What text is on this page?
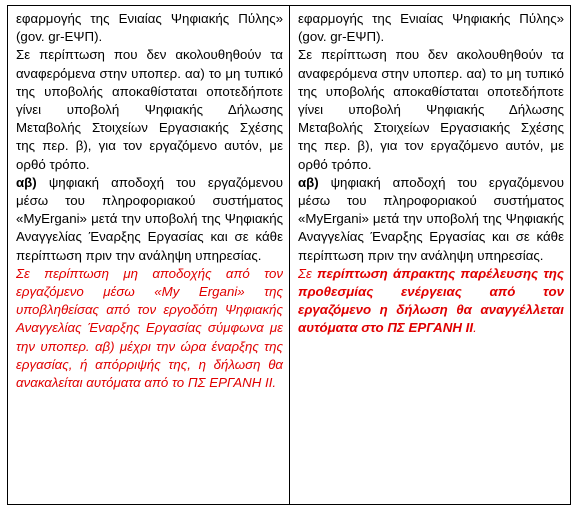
εφαρμογής της Ενιαίας Ψηφιακής Πύλης» (gov. gr-ΕΨΠ).

Σε περίπτωση που δεν ακολουθηθούν τα αναφερόμενα στην υποπερ. αα) το μη τυπικό της υποβολής αποκαθίσταται οποτεδήποτε γίνει υποβολή Ψηφιακής Δήλωσης Μεταβολής Στοιχείων Εργασιακής Σχέσης της περ. β), για τον εργαζόμενο αυτόν, με ορθό τρόπο.

αβ) ψηφιακή αποδοχή του εργαζόμενου μέσω του πληροφοριακού συστήματος «MyErgani» μετά την υποβολή της Ψηφιακής Αναγγελίας Έναρξης Εργασίας και σε κάθε περίπτωση πριν την ανάληψη υπηρεσίας.

Σε περίπτωση μη αποδοχής από τον εργαζόμενο μέσω «My Ergani» της υποβληθείσας από τον εργοδότη Ψηφιακής Αναγγελίας Έναρξης Εργασίας σύμφωνα με την υποπερ. αβ) μέχρι την ώρα έναρξης της εργασίας, ή απόρριψής της, η δήλωση θα ανακαλείται αυτόματα από το ΠΣ ΕΡΓΑΝΗ ΙΙ.

εφαρμογής της Ενιαίας Ψηφιακής Πύλης» (gov. gr-ΕΨΠ).

Σε περίπτωση που δεν ακολουθηθούν τα αναφερόμενα στην υποπερ. αα) το μη τυπικό της υποβολής αποκαθίσταται οποτεδήποτε γίνει υποβολή Ψηφιακής Δήλωσης Μεταβολής Στοιχείων Εργασιακής Σχέσης της περ. β), για τον εργαζόμενο αυτόν, με ορθό τρόπο.

αβ) ψηφιακή αποδοχή του εργαζόμενου μέσω του πληροφοριακού συστήματος «MyErgani» μετά την υποβολή της Ψηφιακής Αναγγελίας Έναρξης Εργασίας και σε κάθε περίπτωση πριν την ανάληψη υπηρεσίας.

Σε περίπτωση άπρακτης παρέλευσης της προθεσμίας ενέργειας από τον εργαζόμενο η δήλωση θα αναγγέλλεται αυτόματα στο ΠΣ ΕΡΓΑΝΗ ΙΙ.
